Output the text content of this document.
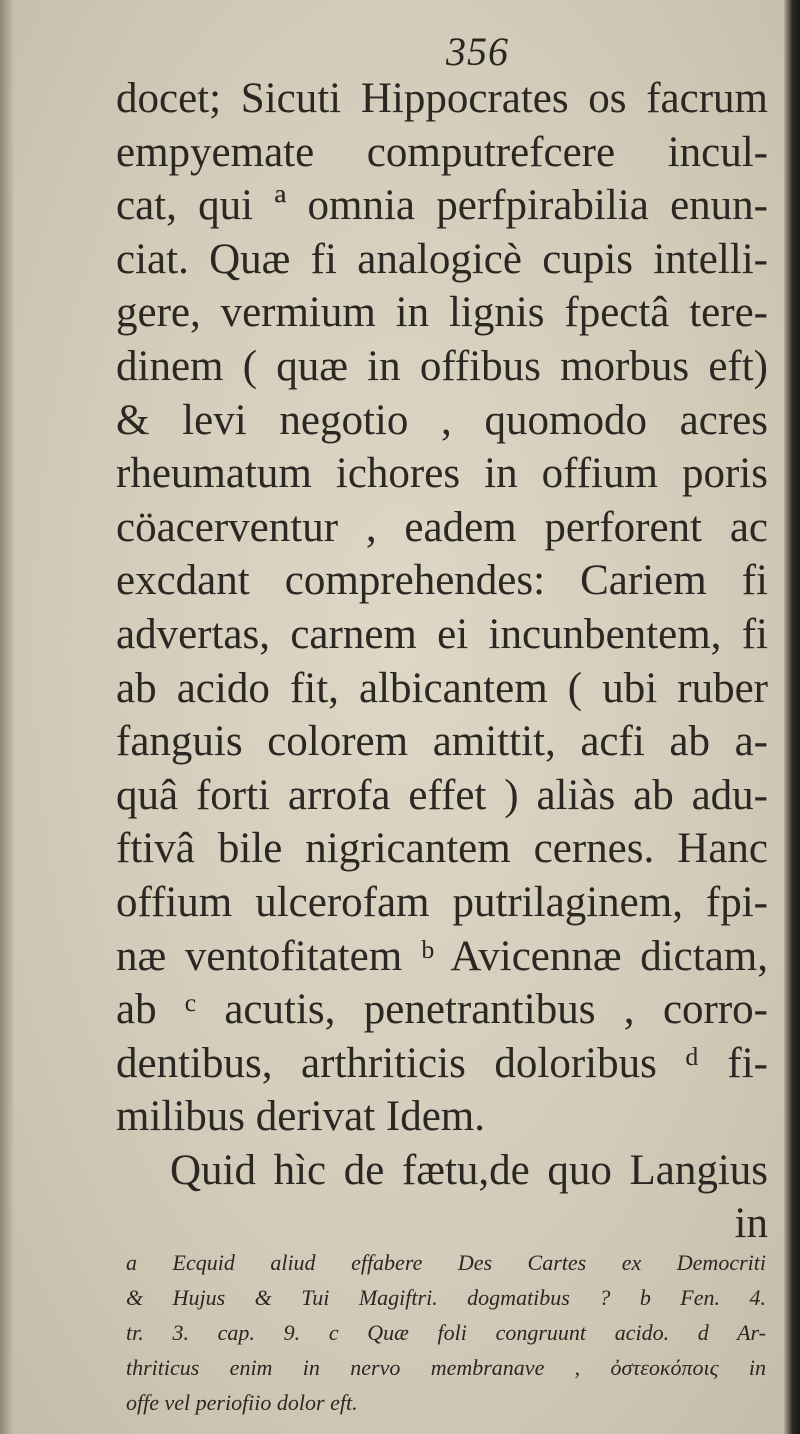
356
docet; Sicuti Hippocrates os facrum
empyemate computrefcere incul-
cat, qui ª omnia perfpirabilia enun-
ciat. Quæ fi analogicè cupis intelli-
gere, vermium in lignis fpectâ tere-
dinem ( quæ in offibus morbus eft)
& levi negotio , quomodo acres
rheumatum ichores in offium poris
cöacerventur , eadem perforent ac
excdant comprehendes: Cariem fi
advertas, carnem ei incunbentem, fi
ab acido fit, albicantem ( ubi ruber
fanguis colorem amittit, acfi ab a-
quâ forti arrofa effet ) aliàs ab adu-
ftivâ bile nigricantem cernes. Hanc
offium ulcerofam putrilaginem, fpi-
næ ventofitatem ᵇ Avicennæ dictam,
ab ᶜ acutis, penetrantibus , corro-
dentibus, arthriticis doloribus ᵈ fi-
milibus derivat Idem.
Quid hìc de fætu,de quo Langius
in
a Ecquid aliud effabere Des Cartes ex Democriti
& Hujus & Tui Magiftri. dogmatibus ? b Fen. 4.
tr. 3. cap. 9. c Quæ foli congruunt acido. d Ar-
thriticus enim in nervo membranave , ὀστεοκόποις in
offe vel periofiio dolor eft.
